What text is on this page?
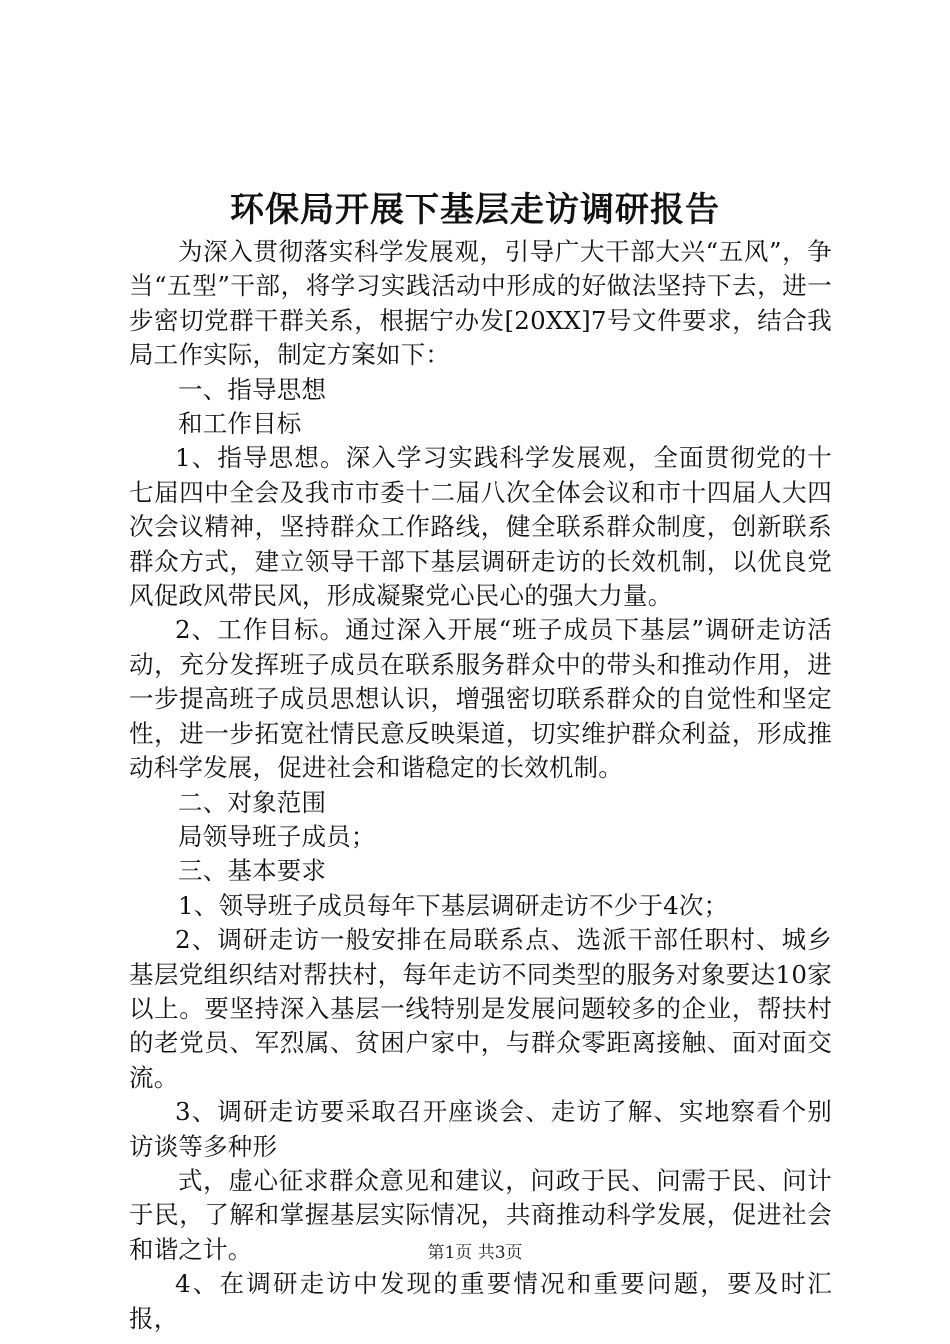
环保局开展下基层走访调研报告

为深入贯彻落实科学发展观，引导广大干部大兴“五风”，争当“五型”干部，将学习实践活动中形成的好做法坚持下去，进一步密切党群干群关系，根据宁办发[20XX]7号文件要求，结合我局工作实际，制定方案如下：

一、指导思想

和工作目标

1、指导思想。深入学习实践科学发展观，全面贯彻党的十七届四中全会及我市市委十二届八次全体会议和市十四届人大四次会议精神，坚持群众工作路线，健全联系群众制度，创新联系群众方式，建立领导干部下基层调研走访的长效机制，以优良党风促政风带民风，形成凝聚党心民心的强大力量。

2、工作目标。通过深入开展“班子成员下基层”调研走访活动，充分发挥班子成员在联系服务群众中的带头和推动作用，进一步提高班子成员思想认识，增强密切联系群众的自觉性和坚定性，进一步拓宽社情民意反映渠道，切实维护群众利益，形成推动科学发展，促进社会和谐稳定的长效机制。

二、对象范围

局领导班子成员；

三、基本要求

1、领导班子成员每年下基层调研走访不少于4次；

2、调研走访一般安排在局联系点、选派干部任职村、城乡基层党组织结对帮扶村，每年走访不同类型的服务对象要达10家以上。要坚持深入基层一线特别是发展问题较多的企业，帮扶村的老党员、军烈属、贫困户家中，与群众零距离接触、面对面交流。

3、调研走访要采取召开座谈会、走访了解、实地察看个别访谈等多种形

式，虚心征求群众意见和建议，问政于民、问需于民、问计于民，了解和掌握基层实际情况，共商推动科学发展，促进社会和谐之计。

4、在调研走访中发现的重要情况和重要问题，要及时汇报，

第1页 共3页
